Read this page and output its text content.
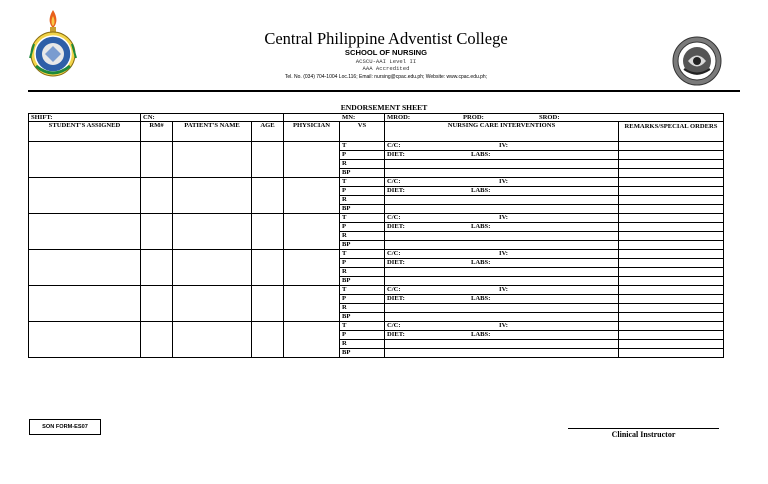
Central Philippine Adventist College
SCHOOL OF NURSING
ACSCU-AAI Level II
AAA Accredited
Tel. No. (034) 704-1004 Loc.116; Email: nursing@cpac.edu.ph; Website: www.cpac.edu.ph;
ENDORSEMENT SHEET
SHIFT:	CN:			MN:		MROD: PROD: SROD:	
STUDENT'S ASSIGNED	RM#	PATIENT'S NAME	AGE	PHYSICIAN	VS	NURSING CARE INTERVENTIONS	REMARKS/SPECIAL ORDERS
					T	C/C: IV:	
					P	DIET: LABS:	
					R		
					BP		
					T	C/C: IV:	
					P	DIET: LABS:	
					R		
					BP		
					T	C/C: IV:	
					P	DIET: LABS:	
					R		
					BP		
					T	C/C: IV:	
					P	DIET: LABS:	
					R		
					BP		
					T	C/C: IV:	
					P	DIET: LABS:	
					R		
					BP		
					T	C/C: IV:	
					P	DIET: LABS:	
					R		
					BP		
SON FORM-ES07
Clinical Instructor
